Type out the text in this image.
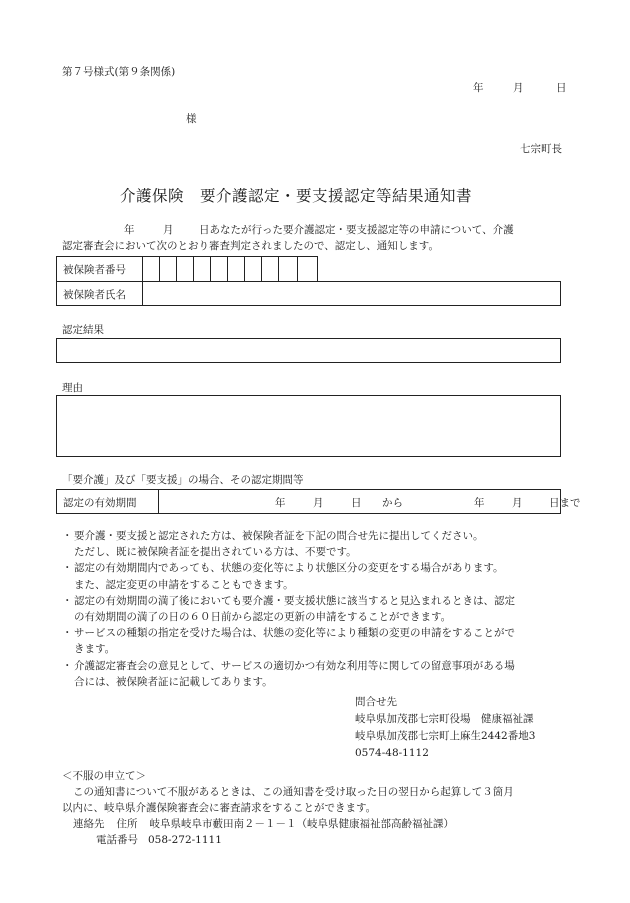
第７号様式(第９条関係)
年	月	日
様
七宗町長
介護保険　要介護認定・要支援認定等結果通知書
年	月 日あなたが行った要介護認定・要支援認定等の申請について、介護
認定審査会において次のとおり審査判定されましたので、認定し、通知します。
被保険者番号
被保険者氏名
認定結果
理由
「要介護」及び「要支援」の場合、その認定期間等
認定の有効期間	年	月	日 から	年	月	日まで
・ 要介護・要支援と認定された方は、被保険者証を下記の問合せ先に提出してください。
ただし、既に被保険者証を提出されている方は、不要です。
・ 認定の有効期間内であっても、状態の変化等により状態区分の変更をする場合があります。
また、認定変更の申請をすることもできます。
・ 認定の有効期間の満了後においても要介護・要支援状態に該当すると見込まれるときは、認定
の有効期間の満了の日の６０日前から認定の更新の申請をすることができます。
・ サービスの種類の指定を受けた場合は、状態の変化等により種類の変更の申請をすることがで
きます。
・ 介護認定審査会の意見として、サービスの適切かつ有効な利用等に関しての留意事項がある場
合には、被保険者証に記載してあります。
問合せ先
岐阜県加茂郡七宗町役場　健康福祉課
岐阜県加茂郡七宗町上麻生2442番地3
0574-48-1112
＜不服の申立て＞
この通知書について不服があるときは、この通知書を受け取った日の翌日から起算して３箇月
以内に、岐阜県介護保険審査会に審査請求をすることができます。
連絡先 住所 岐阜県岐阜市藪田南２－１－１（岐阜県健康福祉部高齢福祉課）
電話番号 058-272-1111
